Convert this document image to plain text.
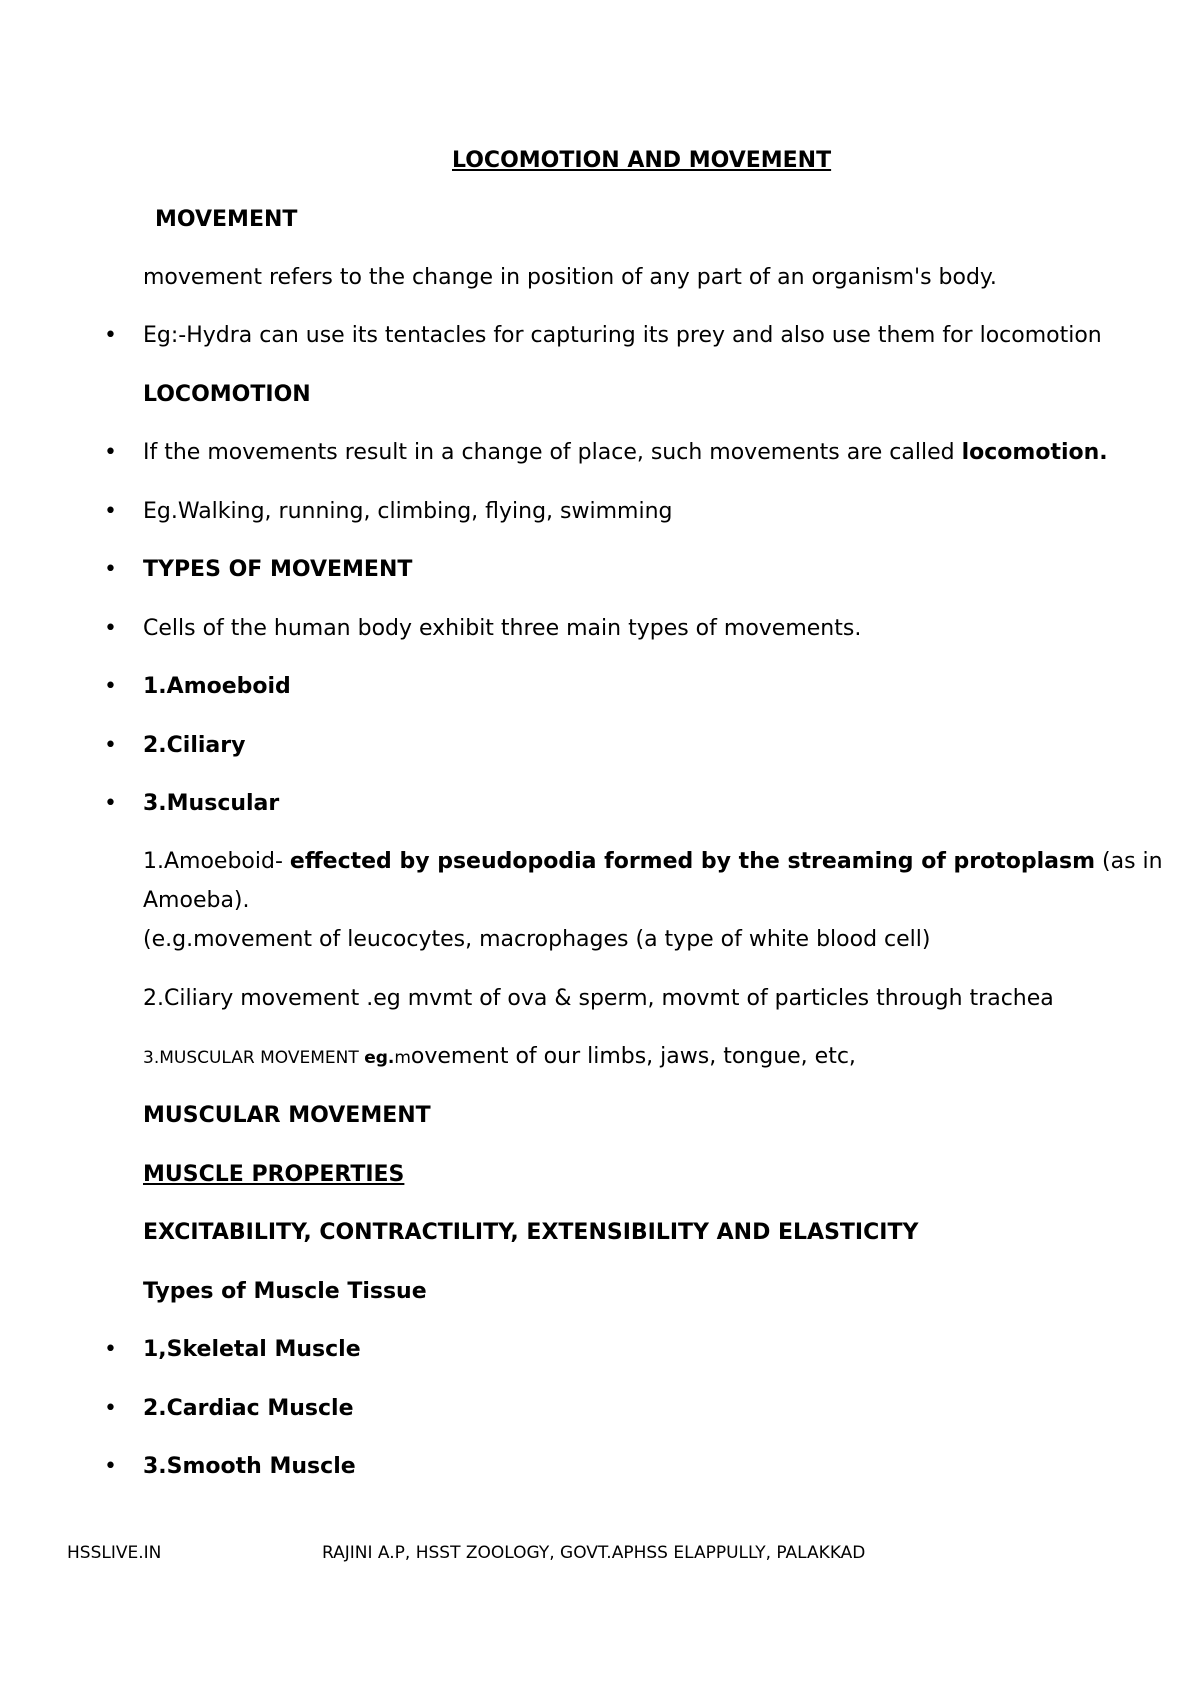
LOCOMOTION AND MOVEMENT
MOVEMENT
movement refers to the change in position of any part of an organism's body.
• Eg:-Hydra can use its tentacles for capturing its prey and also use them for locomotion
LOCOMOTION
• If the movements result in a change of place, such movements are called locomotion.
• Eg.Walking, running, climbing, flying, swimming
• TYPES OF MOVEMENT
• Cells of the human body exhibit three main types of movements.
• 1.Amoeboid
• 2.Ciliary
• 3.Muscular
1.Amoeboid- effected by pseudopodia formed by the streaming of protoplasm (as in
Amoeba).
(e.g.movement of leucocytes, macrophages (a type of white blood cell)
2.Ciliary movement .eg mvmt of ova & sperm, movmt of particles through trachea
3.MUSCULAR MOVEMENT eg.movement of our limbs, jaws, tongue, etc,
MUSCULAR MOVEMENT
MUSCLE PROPERTIES
EXCITABILITY, CONTRACTILITY, EXTENSIBILITY AND ELASTICITY
Types of Muscle Tissue
• 1,Skeletal Muscle
• 2.Cardiac Muscle
• 3.Smooth Muscle
HSSLIVE.IN	RAJINI A.P, HSST ZOOLOGY, GOVT.APHSS ELAPPULLY, PALAKKAD
